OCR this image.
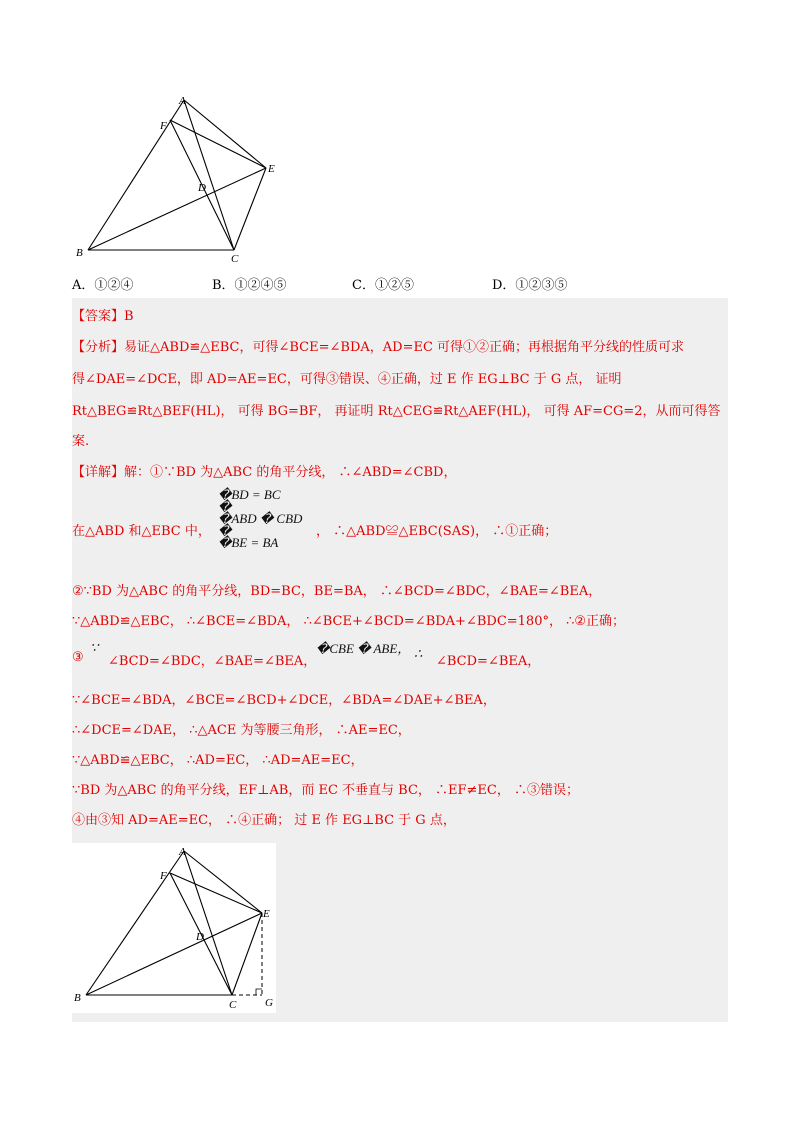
A
F
E
D
B	C
A．①②④	B．①②④⑤	C．①②⑤	D．①②③⑤
【答案】B
【分析】易证△ABD≌△EBC，可得∠BCE=∠BDA，AD=EC 可得①②正确；再根据角平分线的性质可求
得∠DAE=∠DCE，即 AD=AE=EC，可得③错误、④正确，过 E 作 EG⊥BC 于 G 点， 证明
Rt△BEG≌Rt△BEF(HL)， 可得 BG=BF， 再证明 Rt△CEG≌Rt△AEF(HL)， 可得 AF=CG=2，从而可得答
案.
【详解】解：①∵BD 为△ABC 的角平分线， ∴∠ABD=∠CBD，
�BD = BC
�
�ABD � CBD
�
�BE = BA
在△ABD 和△EBC 中，	， ∴△ABD≌△EBC(SAS)， ∴①正确；
②∵BD 为△ABC 的角平分线，BD=BC，BE=BA， ∴∠BCD=∠BDC，∠BAE=∠BEA，
∵△ABD≌△EBC， ∴∠BCE=∠BDA， ∴∠BCE+∠BCD=∠BDA+∠BDC=180°， ∴②正确；
③
∵
∠BCD=∠BDC，∠BAE=∠BEA，
�CBE � ABE， ∴
∠BCD=∠BEA，
∵∠BCE=∠BDA，∠BCE=∠BCD+∠DCE，∠BDA=∠DAE+∠BEA，
∴∠DCE=∠DAE， ∴△ACE 为等腰三角形， ∴AE=EC，
∵△ABD≌△EBC， ∴AD=EC， ∴AD=AE=EC，
∵BD 为△ABC 的角平分线，EF⊥AB，而 EC 不垂直与 BC， ∴EF≠EC， ∴③错误；
④由③知 AD=AE=EC， ∴④正确； 过 E 作 EG⊥BC 于 G 点，
A
F
E
D
B
C	G
